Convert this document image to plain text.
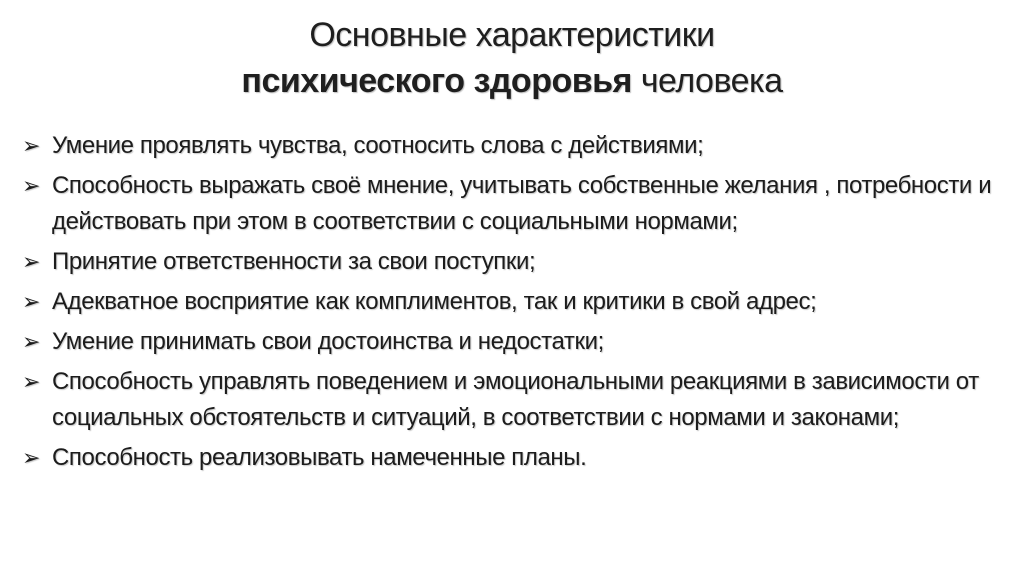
Основные характеристики
психического здоровья человека
➢ Умение проявлять чувства, соотносить слова с действиями;
➢ Способность выражать своё мнение, учитывать собственные желания , потребности и действовать при этом в соответствии с социальными нормами;
➢ Принятие ответственности за свои поступки;
➢ Адекватное восприятие как комплиментов, так и критики в свой адрес;
➢ Умение принимать свои достоинства и недостатки;
➢ Способность управлять поведением и эмоциональными реакциями в зависимости от социальных обстоятельств и ситуаций, в соответствии с нормами и законами;
➢ Способность реализовывать намеченные планы.
